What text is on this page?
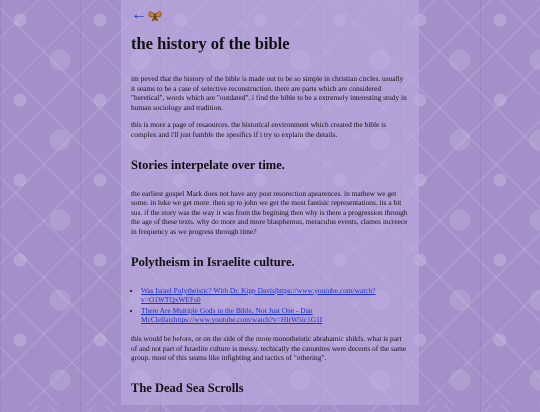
←
the history of the bible

im peved that the history of the bible is made out to be so simple in christian circles. usually it seams to be a case of selective reconstruction. there are parts which are considered "heretical", words which are "outdated". i find the bible to be a extremely interesting study in human sociology and tradition.

this is more a page of resaources. the historical environment which created the bible is complex and i'll just fumble the spesifics if i try to explain the details.

Stories interpelate over time.

the earliest gospel Mark does not have any post resorection apearences. in mathew we get some. in luke we get more. then up to john we get the most fantisic representations. its a bit sus. if the story was the way it was from the begining then why is there a progression through the age of these texts. why do more and more blasphemus, meraculus events, clames increece in frequency as we progress through time?

Polytheism in Israelite culture.
• Was Israel Polytheistic? With Dr. Kipp Davis|https://www.youtube.com/watch?v=O1WTQxWEFs0
• There Are Multiple Gods in the Bible, Not Just One - Dan McClellan|https://www.youtube.com/watch?v=HIrW5ic1G1I

this would be before, or on the side of the more monotheistic abrahamic shikfs. what is part of and not part of Israelite culture is messy. techically the canunites were decents of the same group. most of this seams like infighting and tactics of "othering".

The Dead Sea Scrolls
